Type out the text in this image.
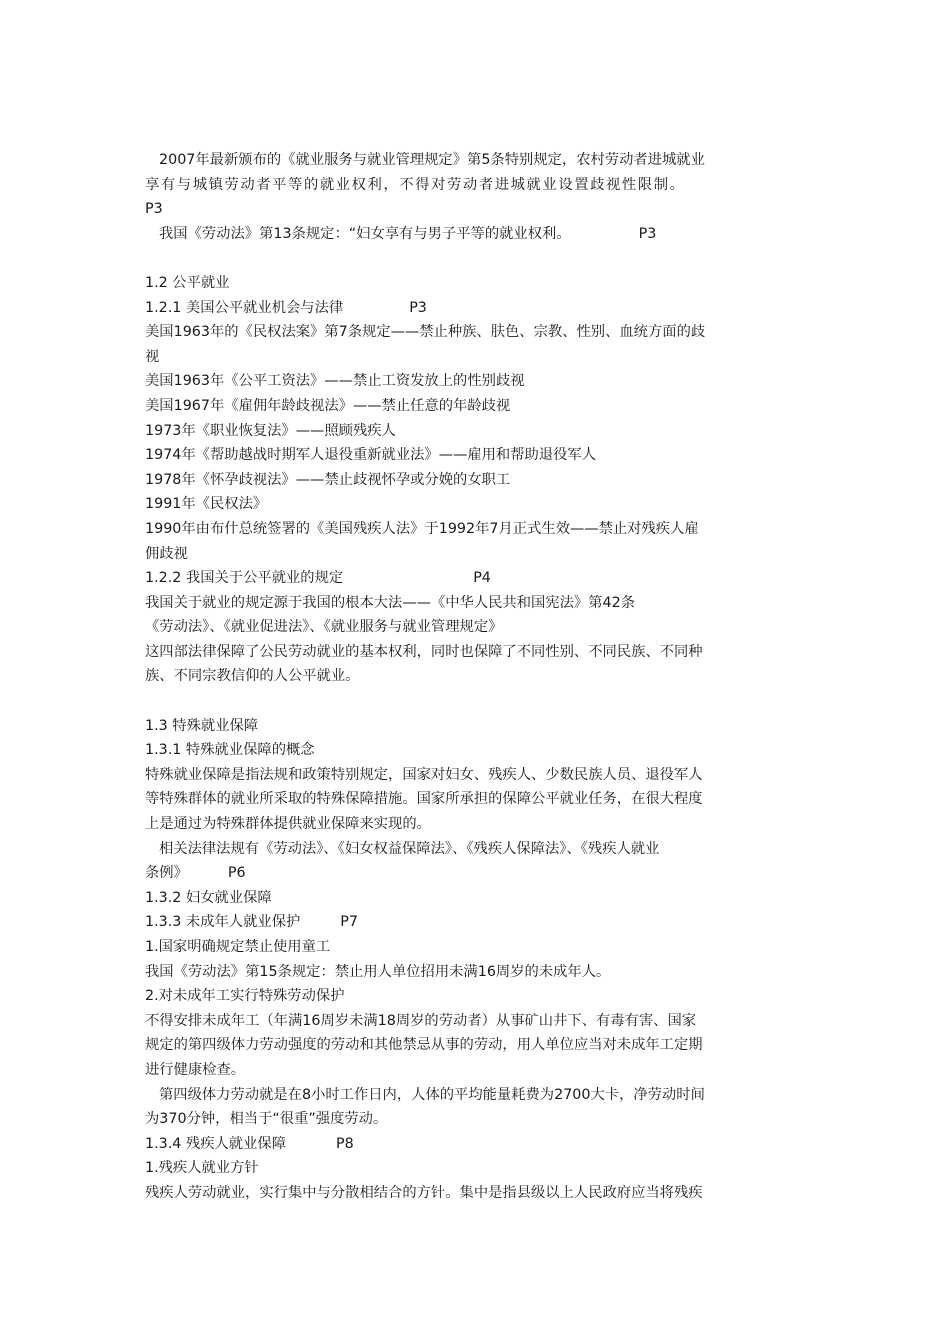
2007年最新颁布的《就业服务与就业管理规定》第5条特别规定，农村劳动者进城就业
享有与城镇劳动者平等的就业权利，不得对劳动者进城就业设置歧视性限制。
P3
我国《劳动法》第13条规定：“妇女享有与男子平等的就业权利。	P3
1.2 公平就业
1.2.1 美国公平就业机会与法律	P3
美国1963年的《民权法案》第7条规定——禁止种族、肤色、宗教、性别、血统方面的歧
视
美国1963年《公平工资法》——禁止工资发放上的性别歧视
美国1967年《雇佣年龄歧视法》——禁止任意的年龄歧视
1973年《职业恢复法》——照顾残疾人
1974年《帮助越战时期军人退役重新就业法》——雇用和帮助退役军人
1978年《怀孕歧视法》——禁止歧视怀孕或分娩的女职工
1991年《民权法》
1990年由布什总统签署的《美国残疾人法》于1992年7月正式生效——禁止对残疾人雇
佣歧视
1.2.2 我国关于公平就业的规定	P4
我国关于就业的规定源于我国的根本大法——《中华人民共和国宪法》第42条
《劳动法》、《就业促进法》、《就业服务与就业管理规定》
这四部法律保障了公民劳动就业的基本权利，同时也保障了不同性别、不同民族、不同种
族、不同宗教信仰的人公平就业。
1.3 特殊就业保障
1.3.1 特殊就业保障的概念
特殊就业保障是指法规和政策特别规定，国家对妇女、残疾人、少数民族人员、退役军人
等特殊群体的就业所采取的特殊保障措施。国家所承担的保障公平就业任务，在很大程度
上是通过为特殊群体提供就业保障来实现的。
相关法律法规有《劳动法》、《妇女权益保障法》、《残疾人保障法》、《残疾人就业
条例》	P6
1.3.2 妇女就业保障
1.3.3 未成年人就业保护	P7
1.国家明确规定禁止使用童工
我国《劳动法》第15条规定：禁止用人单位招用未满16周岁的未成年人。
2.对未成年工实行特殊劳动保护
不得安排未成年工（年满16周岁未满18周岁的劳动者）从事矿山井下、有毒有害、国家
规定的第四级体力劳动强度的劳动和其他禁忌从事的劳动，用人单位应当对未成年工定期
进行健康检查。
第四级体力劳动就是在8小时工作日内，人体的平均能量耗费为2700大卡，净劳动时间
为370分钟，相当于“很重”强度劳动。
1.3.4 残疾人就业保障	P8
1.残疾人就业方针
残疾人劳动就业，实行集中与分散相结合的方针。集中是指县级以上人民政府应当将残疾
